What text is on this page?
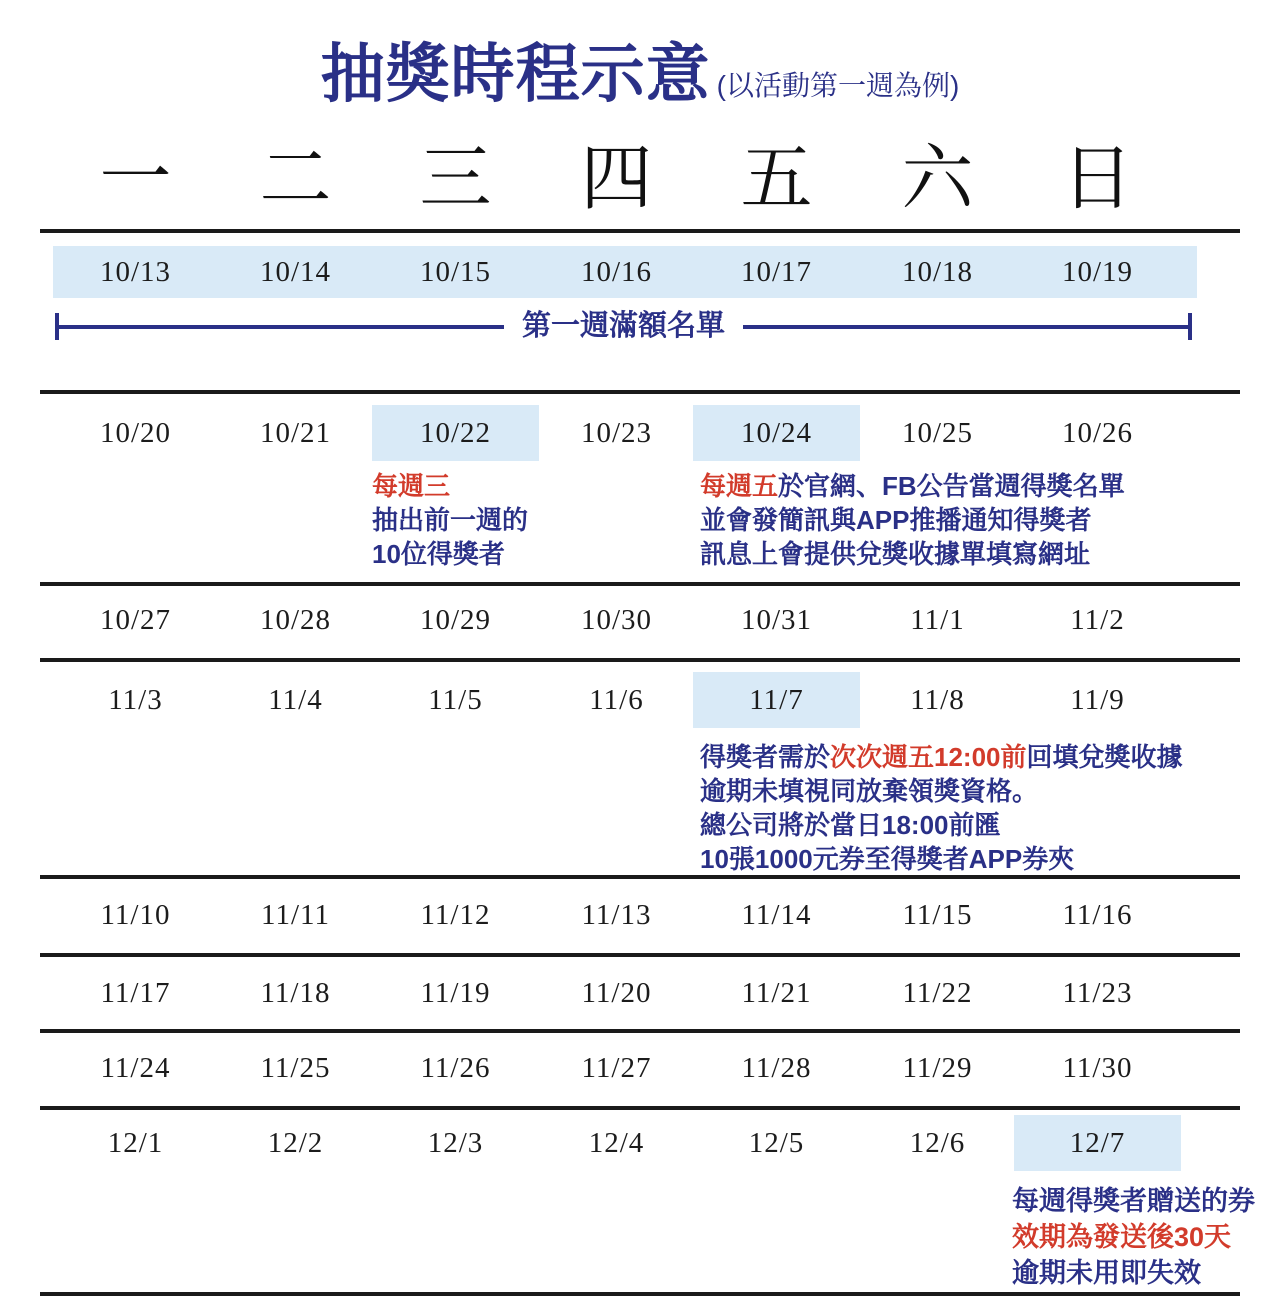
抽獎時程示意 (以活動第一週為例)
一	二	三	四	五	六	日
10/13	10/14	10/15	10/16	10/17	10/18	10/19
第一週滿額名單
10/20	10/21	10/22	10/23	10/24	10/25	10/26
每週三
抽出前一週的
10位得獎者
每週五於官網、FB公告當週得獎名單
並會發簡訊與APP推播通知得獎者
訊息上會提供兌獎收據單填寫網址
10/27	10/28	10/29	10/30	10/31	11/1	11/2
11/3	11/4	11/5	11/6	11/7	11/8	11/9
得獎者需於次次週五12:00前回填兌獎收據
逾期未填視同放棄領獎資格。
總公司將於當日18:00前匯
10張1000元券至得獎者APP券夾
11/10	11/11	11/12	11/13	11/14	11/15	11/16
11/17	11/18	11/19	11/20	11/21	11/22	11/23
11/24	11/25	11/26	11/27	11/28	11/29	11/30
12/1	12/2	12/3	12/4	12/5	12/6	12/7
每週得獎者贈送的券
效期為發送後30天
逾期未用即失效
